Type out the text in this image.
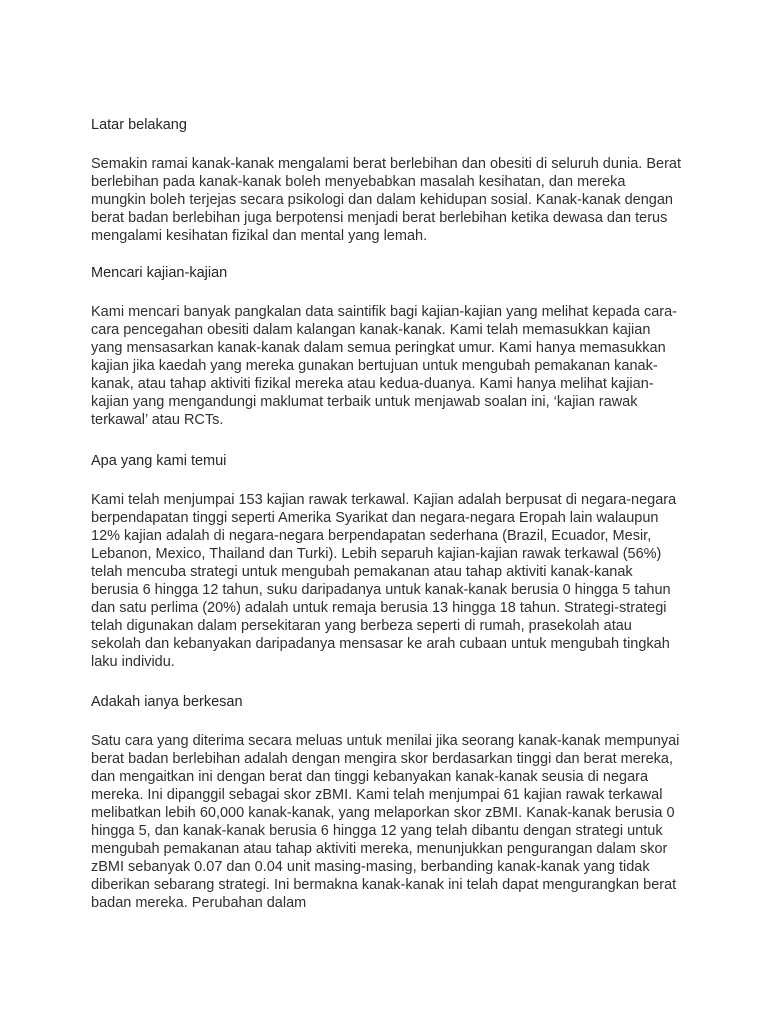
Latar belakang
Semakin ramai kanak-kanak mengalami berat berlebihan dan obesiti di seluruh dunia. Berat berlebihan pada kanak-kanak boleh menyebabkan masalah kesihatan, dan mereka mungkin boleh terjejas secara psikologi dan dalam kehidupan sosial. Kanak-kanak dengan berat badan berlebihan juga berpotensi menjadi berat berlebihan ketika dewasa dan terus mengalami kesihatan fizikal dan mental yang lemah.
Mencari kajian-kajian
Kami mencari banyak pangkalan data saintifik bagi kajian-kajian yang melihat kepada cara-cara pencegahan obesiti dalam kalangan kanak-kanak. Kami telah memasukkan kajian yang mensasarkan kanak-kanak dalam semua peringkat umur. Kami hanya memasukkan kajian jika kaedah yang mereka gunakan bertujuan untuk mengubah pemakanan kanak-kanak, atau tahap aktiviti fizikal mereka atau kedua-duanya. Kami hanya melihat kajian-kajian yang mengandungi maklumat terbaik untuk menjawab soalan ini, ‘kajian rawak terkawal’ atau RCTs.
Apa yang kami temui
Kami telah menjumpai 153 kajian rawak terkawal. Kajian adalah berpusat di negara-negara berpendapatan tinggi seperti Amerika Syarikat dan negara-negara Eropah lain walaupun 12% kajian adalah di negara-negara berpendapatan sederhana (Brazil, Ecuador, Mesir, Lebanon, Mexico, Thailand dan Turki). Lebih separuh kajian-kajian rawak terkawal (56%) telah mencuba strategi untuk mengubah pemakanan atau tahap aktiviti kanak-kanak berusia 6 hingga 12 tahun, suku daripadanya untuk kanak-kanak berusia 0 hingga 5 tahun dan satu perlima (20%) adalah untuk remaja berusia 13 hingga 18 tahun. Strategi-strategi telah digunakan dalam persekitaran yang berbeza seperti di rumah, prasekolah atau sekolah dan kebanyakan daripadanya mensasar ke arah cubaan untuk mengubah tingkah laku individu.
Adakah ianya berkesan
Satu cara yang diterima secara meluas untuk menilai jika seorang kanak-kanak mempunyai berat badan berlebihan adalah dengan mengira skor berdasarkan tinggi dan berat mereka, dan mengaitkan ini dengan berat dan tinggi kebanyakan kanak-kanak seusia di negara mereka. Ini dipanggil sebagai skor zBMI. Kami telah menjumpai 61 kajian rawak terkawal melibatkan lebih 60,000 kanak-kanak, yang melaporkan skor zBMI. Kanak-kanak berusia 0 hingga 5, dan kanak-kanak berusia 6 hingga 12 yang telah dibantu dengan strategi untuk mengubah pemakanan atau tahap aktiviti mereka, menunjukkan pengurangan dalam skor zBMI sebanyak 0.07 dan 0.04 unit masing-masing, berbanding kanak-kanak yang tidak diberikan sebarang strategi. Ini bermakna kanak-kanak ini telah dapat mengurangkan berat badan mereka. Perubahan dalam
